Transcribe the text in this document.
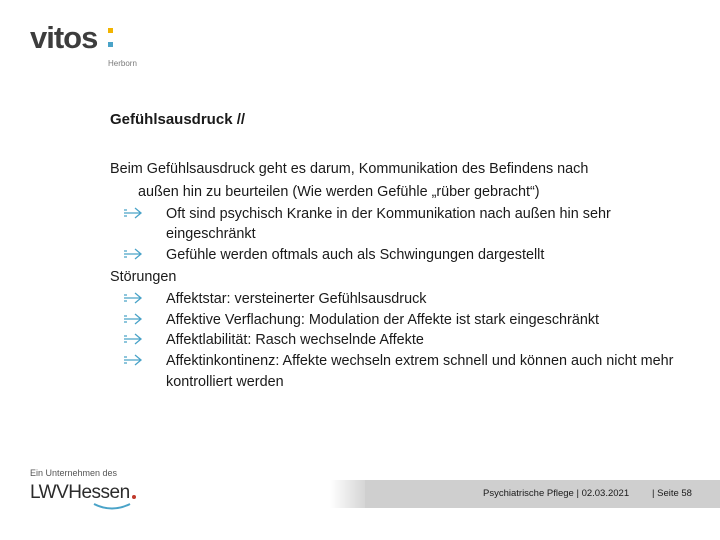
vitos
Herborn
Gefühlsausdruck //
Beim Gefühlsausdruck geht es darum, Kommunikation des Befindens nach
außen hin zu beurteilen (Wie werden Gefühle „rüber gebracht“)
Oft sind psychisch Kranke in der Kommunikation nach außen hin sehr eingeschränkt
Gefühle werden oftmals auch als Schwingungen dargestellt
Störungen
Affektstar: versteinerter Gefühlsausdruck
Affektive Verflachung: Modulation der Affekte ist stark eingeschränkt
Affektlabilität: Rasch wechselnde Affekte
Affektinkontinenz: Affekte wechseln extrem schnell und können auch nicht mehr kontrolliert werden
Ein Unternehmen des
LWVHessen	Psychiatrische Pflege | 02.03.2021 | Seite 58
